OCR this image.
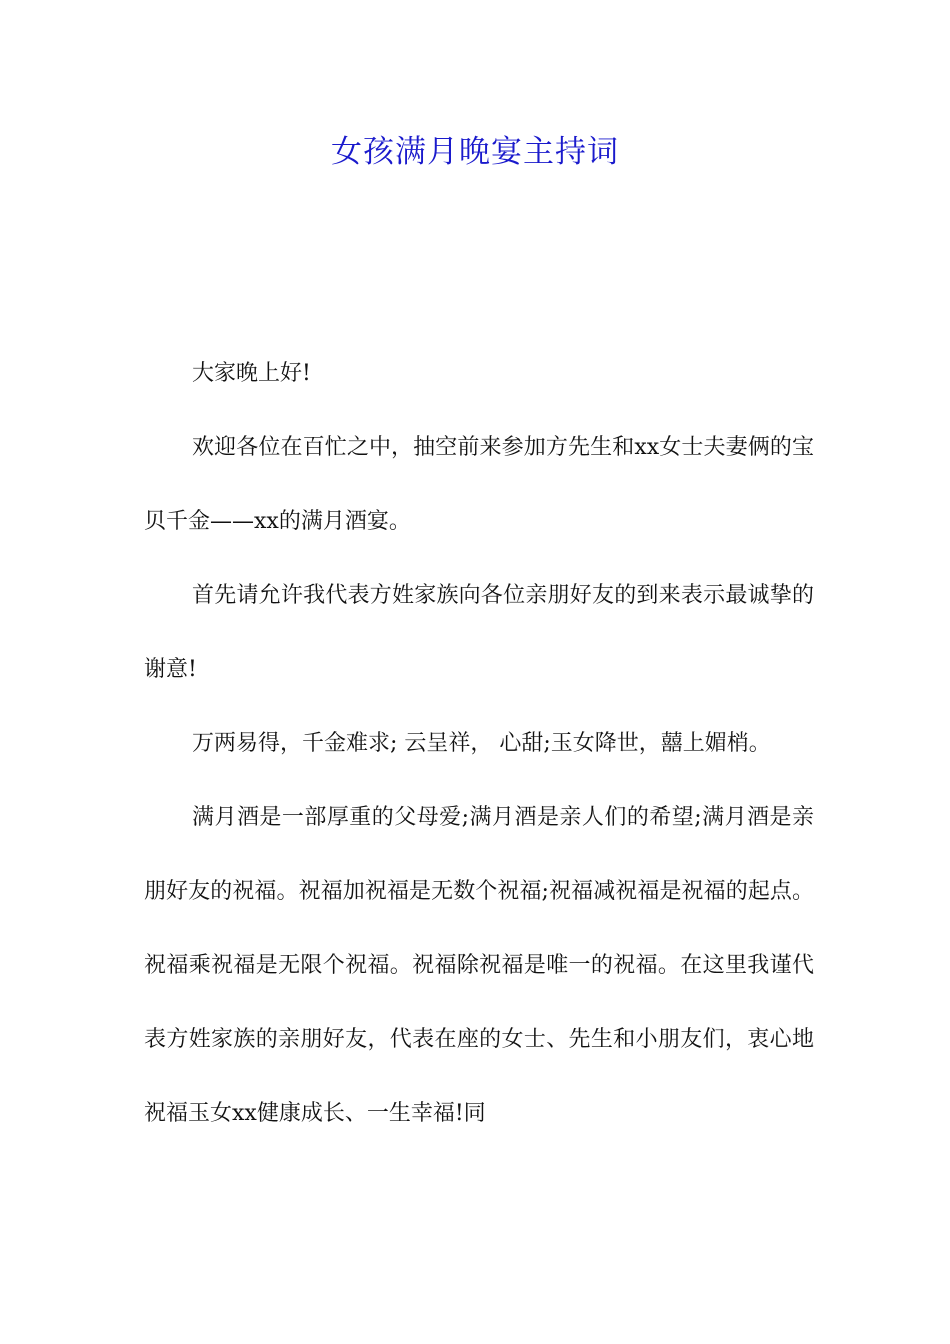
女孩满月晚宴主持词

大家晚上好!

欢迎各位在百忙之中，抽空前来参加方先生和xx女士夫妻俩的宝贝千金——xx的满月酒宴。

首先请允许我代表方姓家族向各位亲朋好友的到来表示最诚挚的谢意!

万两易得，千金难求; 云呈祥， 心甜;玉女降世，囍上媚梢。

满月酒是一部厚重的父母爱;满月酒是亲人们的希望;满月酒是亲朋好友的祝福。祝福加祝福是无数个祝福;祝福减祝福是祝福的起点。祝福乘祝福是无限个祝福。祝福除祝福是唯一的祝福。在这里我谨代表方姓家族的亲朋好友，代表在座的女士、先生和小朋友们，衷心地祝福玉女xx健康成长、一生幸福!同
